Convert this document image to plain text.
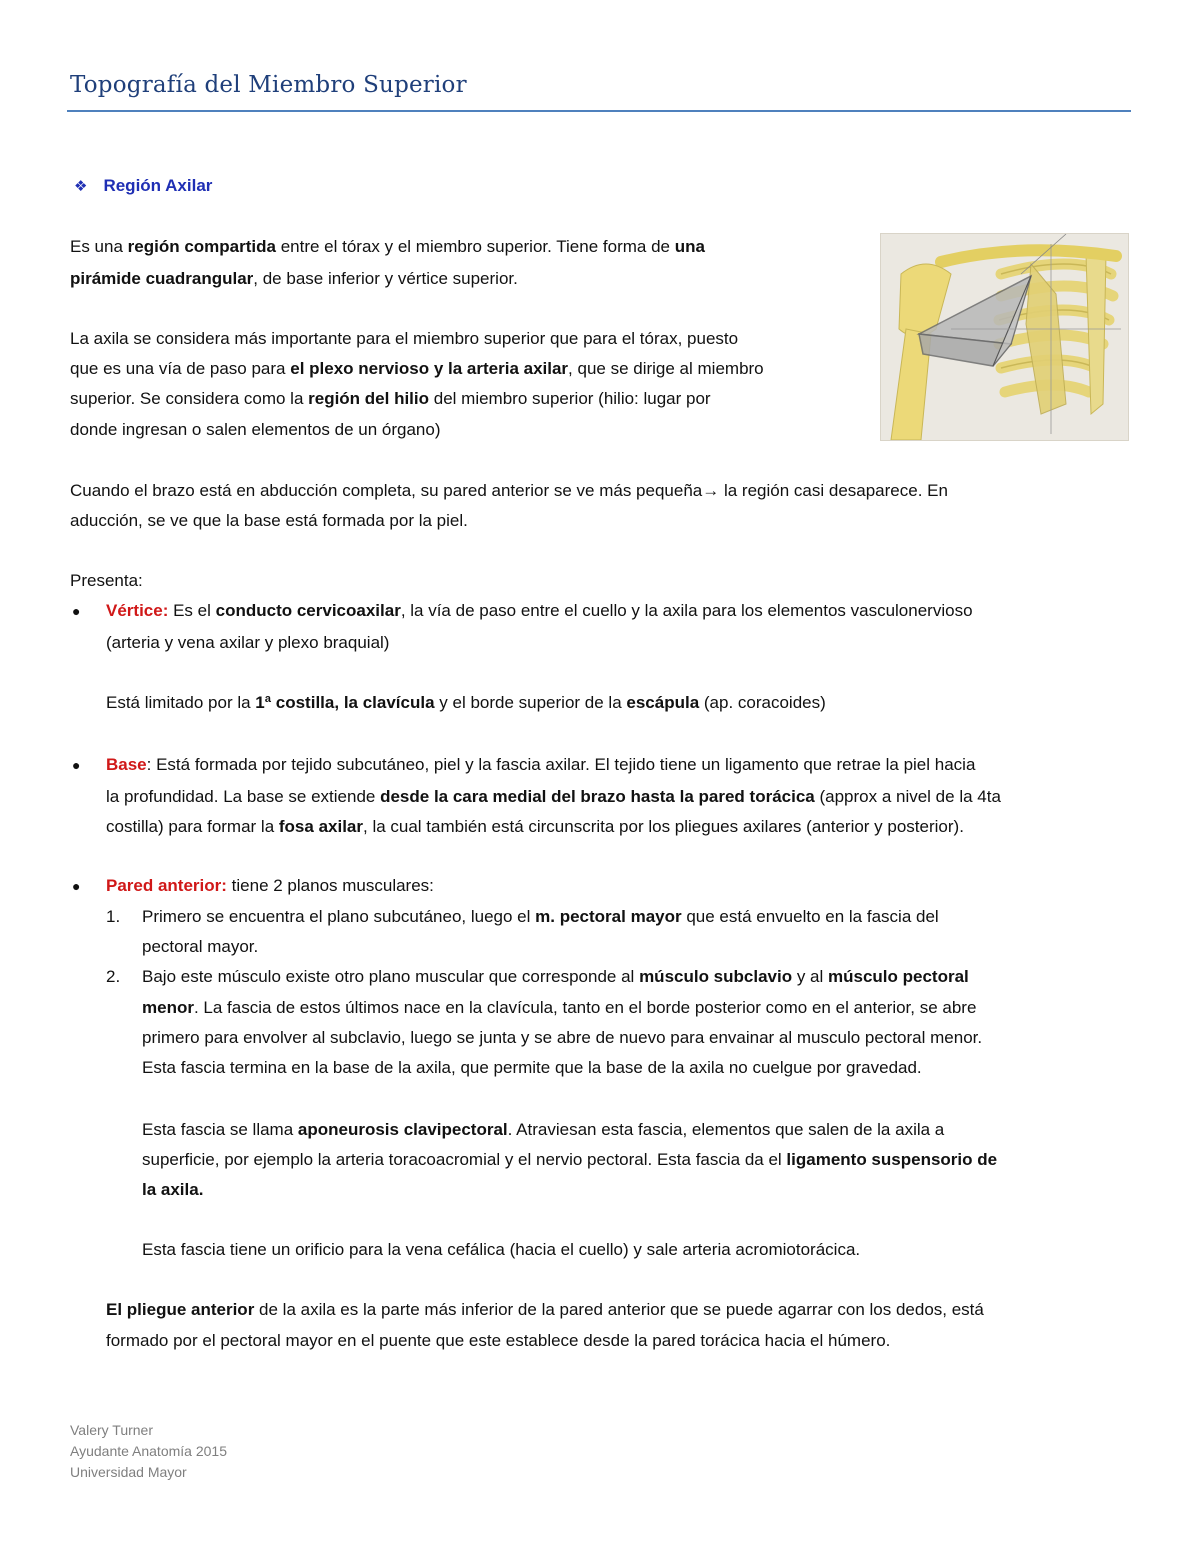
Topografía del Miembro Superior
❖ Región Axilar
Es una región compartida entre el tórax y el miembro superior. Tiene forma de una
pirámide cuadrangular, de base inferior y vértice superior.
La axila se considera más importante para el miembro superior que para el tórax, puesto
que es una vía de paso para el plexo nervioso y la arteria axilar, que se dirige al miembro
superior. Se considera como la región del hilio del miembro superior (hilio: lugar por
donde ingresan o salen elementos de un órgano)
Cuando el brazo está en abducción completa, su pared anterior se ve más pequeña→ la región casi desaparece. En
aducción, se ve que la base está formada por la piel.
Presenta:
● Vértice: Es el conducto cervicoaxilar, la vía de paso entre el cuello y la axila para los elementos vasculonervioso
(arteria y vena axilar y plexo braquial)
Está limitado por la 1ª costilla, la clavícula y el borde superior de la escápula (ap. coracoides)
● Base: Está formada por tejido subcutáneo, piel y la fascia axilar. El tejido tiene un ligamento que retrae la piel hacia
la profundidad. La base se extiende desde la cara medial del brazo hasta la pared torácica (approx a nivel de la 4ta
costilla) para formar la fosa axilar, la cual también está circunscrita por los pliegues axilares (anterior y posterior).
● Pared anterior: tiene 2 planos musculares:
1. Primero se encuentra el plano subcutáneo, luego el m. pectoral mayor que está envuelto en la fascia del
pectoral mayor.
2. Bajo este músculo existe otro plano muscular que corresponde al músculo subclavio y al músculo pectoral
menor. La fascia de estos últimos nace en la clavícula, tanto en el borde posterior como en el anterior, se abre
primero para envolver al subclavio, luego se junta y se abre de nuevo para envainar al musculo pectoral menor.
Esta fascia termina en la base de la axila, que permite que la base de la axila no cuelgue por gravedad.
Esta fascia se llama aponeurosis clavipectoral. Atraviesan esta fascia, elementos que salen de la axila a
superficie, por ejemplo la arteria toracoacromial y el nervio pectoral. Esta fascia da el ligamento suspensorio de
la axila.
Esta fascia tiene un orificio para la vena cefálica (hacia el cuello) y sale arteria acromiotorácica.
El pliegue anterior de la axila es la parte más inferior de la pared anterior que se puede agarrar con los dedos, está
formado por el pectoral mayor en el puente que este establece desde la pared torácica hacia el húmero.
Valery Turner
Ayudante Anatomía 2015
Universidad Mayor
